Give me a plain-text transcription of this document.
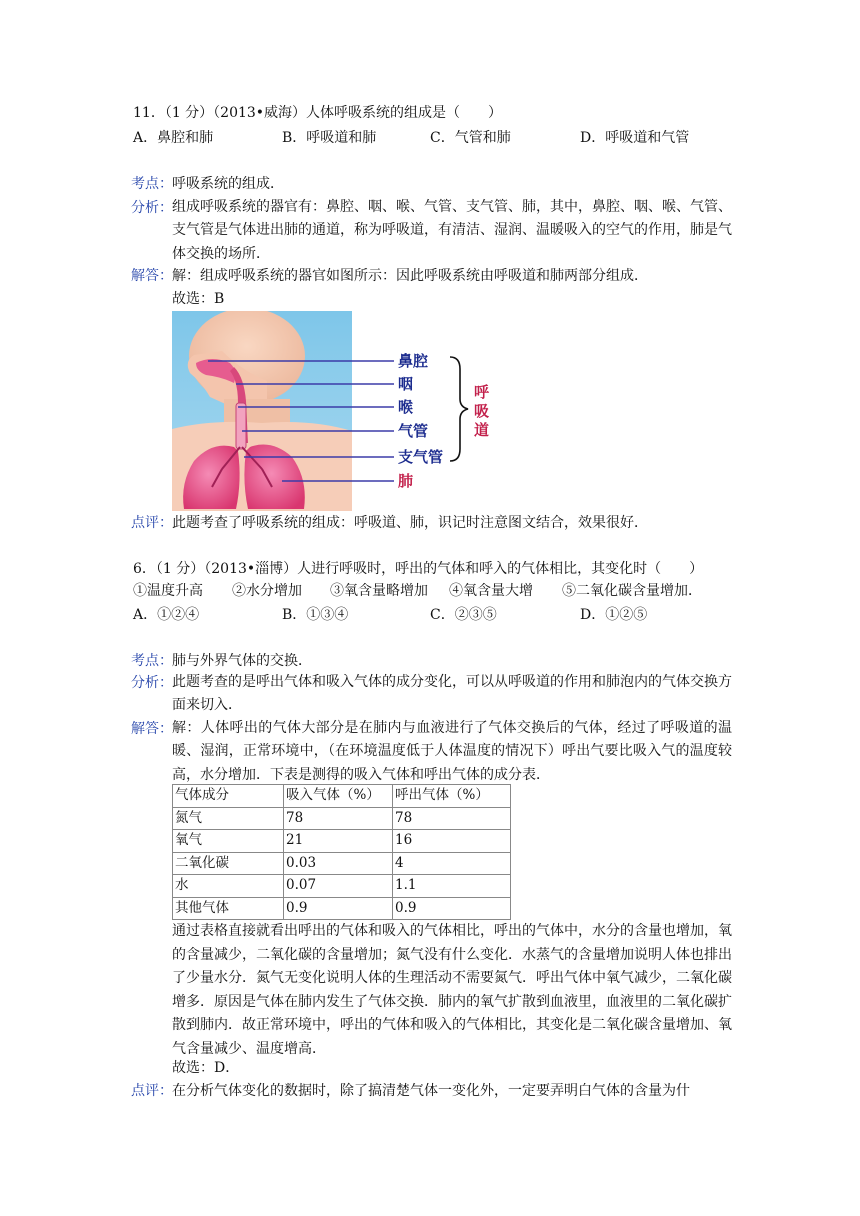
11．（1 分）（2013•威海）人体呼吸系统的组成是（　　）
A．鼻腔和肺	B．呼吸道和肺	C．气管和肺	D．呼吸道和气管
考点： 呼吸系统的组成．
分析： 组成呼吸系统的器官有：鼻腔、咽、喉、气管、支气管、肺，其中，鼻腔、咽、喉、气管、支气管是气体进出肺的通道，称为呼吸道，有清洁、湿润、温暖吸入的空气的作用，肺是气体交换的场所．
解答： 解：组成呼吸系统的器官如图所示：因此呼吸系统由呼吸道和肺两部分组成．
故选：B
鼻腔
咽
喉
气管
支气管
肺
呼吸道
点评： 此题考查了呼吸系统的组成：呼吸道、肺，识记时注意图文结合，效果很好．
6．（1 分）（2013•淄博）人进行呼吸时，呼出的气体和呼入的气体相比，其变化时（　　）
①温度升高 ②水分增加 ③氧含量略增加 ④氧含量大增 ⑤二氧化碳含量增加．
A．①②④	B．①③④	C．②③⑤	D．①②⑤
考点： 肺与外界气体的交换．
分析： 此题考查的是呼出气体和吸入气体的成分变化，可以从呼吸道的作用和肺泡内的气体交换方面来切入．
解答： 解：人体呼出的气体大部分是在肺内与血液进行了气体交换后的气体，经过了呼吸道的温暖、湿润，正常环境中，（在环境温度低于人体温度的情况下）呼出气要比吸入气的温度较高，水分增加．下表是测得的吸入气体和呼出气体的成分表．
气体成分	吸入气体（%）	呼出气体（%）
氮气	78	78
氧气	21	16
二氧化碳	0.03	4
水	0.07	1.1
其他气体	0.9	0.9
通过表格直接就看出呼出的气体和吸入的气体相比，呼出的气体中，水分的含量也增加，氧的含量减少，二氧化碳的含量增加；氮气没有什么变化．水蒸气的含量增加说明人体也排出了少量水分．氮气无变化说明人体的生理活动不需要氮气．呼出气体中氧气减少，二氧化碳增多．原因是气体在肺内发生了气体交换．肺内的氧气扩散到血液里，血液里的二氧化碳扩散到肺内．故正常环境中，呼出的气体和吸入的气体相比，其变化是二氧化碳含量增加、氧气含量减少、温度增高．
故选：D．
点评： 在分析气体变化的数据时，除了搞清楚气体一变化外，一定要弄明白气体的含量为什
